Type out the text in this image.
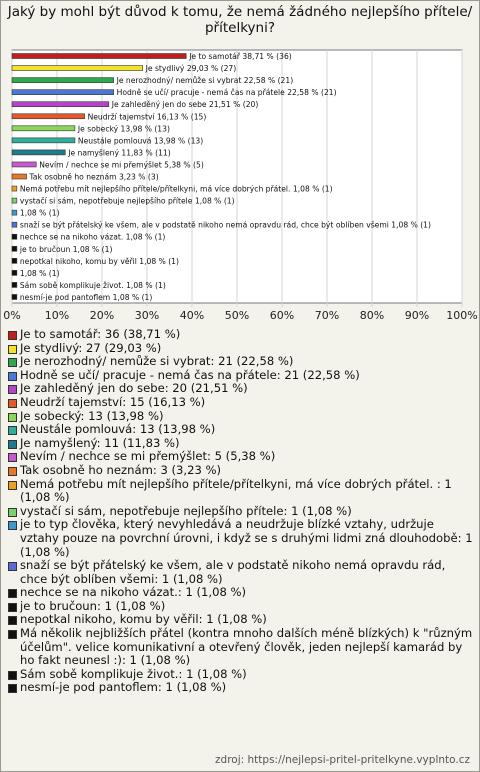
Jaký by mohl být důvod k tomu, že nemá žádného nejlepšího přítele/ přítelkyni?
0% 10% 20% 30% 40% 50% 60% 70% 80% 90% 100%
Je to samotář 38,71 % (36)
Je stydlivý 29,03 % (27)
Je nerozhodný/ nemůže si vybrat 22,58 % (21)
Hodně se učí/ pracuje - nemá čas na přátele 22,58 % (21)
Je zahleděný jen do sebe 21,51 % (20)
Neudrží tajemství 16,13 % (15)
Je sobecký 13,98 % (13)
Neustále pomlouvá 13,98 % (13)
Je namyšlený 11,83 % (11)
Nevím / nechce se mi přemýšlet 5,38 % (5)
Tak osobně ho neznám 3,23 % (3)
Nemá potřebu mít nejlepšího přítele/přítelkyni, má více dobrých přátel. 1,08 % (1)
vystačí si sám, nepotřebuje nejlepšího přítele 1,08 % (1)
1,08 % (1)
snaží se být přátelský ke všem, ale v podstatě nikoho nemá opravdu rád, chce být oblíben všemi 1,08 % (1)
nechce se na nikoho vázat. 1,08 % (1)
je to bručoun 1,08 % (1)
nepotkal nikoho, komu by věřil 1,08 % (1)
1,08 % (1)
Sám sobě komplikuje život. 1,08 % (1)
nesmí-je pod pantoflem 1,08 % (1)
Je to samotář: 36 (38,71 %)
Je stydlivý: 27 (29,03 %)
Je nerozhodný/ nemůže si vybrat: 21 (22,58 %)
Hodně se učí/ pracuje - nemá čas na přátele: 21 (22,58 %)
Je zahleděný jen do sebe: 20 (21,51 %)
Neudrží tajemství: 15 (16,13 %)
Je sobecký: 13 (13,98 %)
Neustále pomlouvá: 13 (13,98 %)
Je namyšlený: 11 (11,83 %)
Nevím / nechce se mi přemýšlet: 5 (5,38 %)
Tak osobně ho neznám: 3 (3,23 %)
Nemá potřebu mít nejlepšího přítele/přítelkyni, má více dobrých přátel. : 1 (1,08 %)
vystačí si sám, nepotřebuje nejlepšího přítele: 1 (1,08 %)
je to typ člověka, který nevyhledává a neudržuje blízké vztahy, udržuje vztahy pouze na povrchní úrovni, i když se s druhými lidmi zná dlouhodobě: 1 (1,08 %)
snaží se být přátelský ke všem, ale v podstatě nikoho nemá opravdu rád, chce být oblíben všemi: 1 (1,08 %)
nechce se na nikoho vázat.: 1 (1,08 %)
je to bručoun: 1 (1,08 %)
nepotkal nikoho, komu by věřil: 1 (1,08 %)
Má několik nejbližších přátel (kontra mnoho dalších méně blízkých) k "různým účelům". velice komunikativní a otevřený člověk, jeden nejlepší kamarád by ho fakt neunesl :): 1 (1,08 %)
Sám sobě komplikuje život.: 1 (1,08 %)
nesmí-je pod pantoflem: 1 (1,08 %)
zdroj: https://nejlepsi-pritel-pritelkyne.vyplnto.cz
